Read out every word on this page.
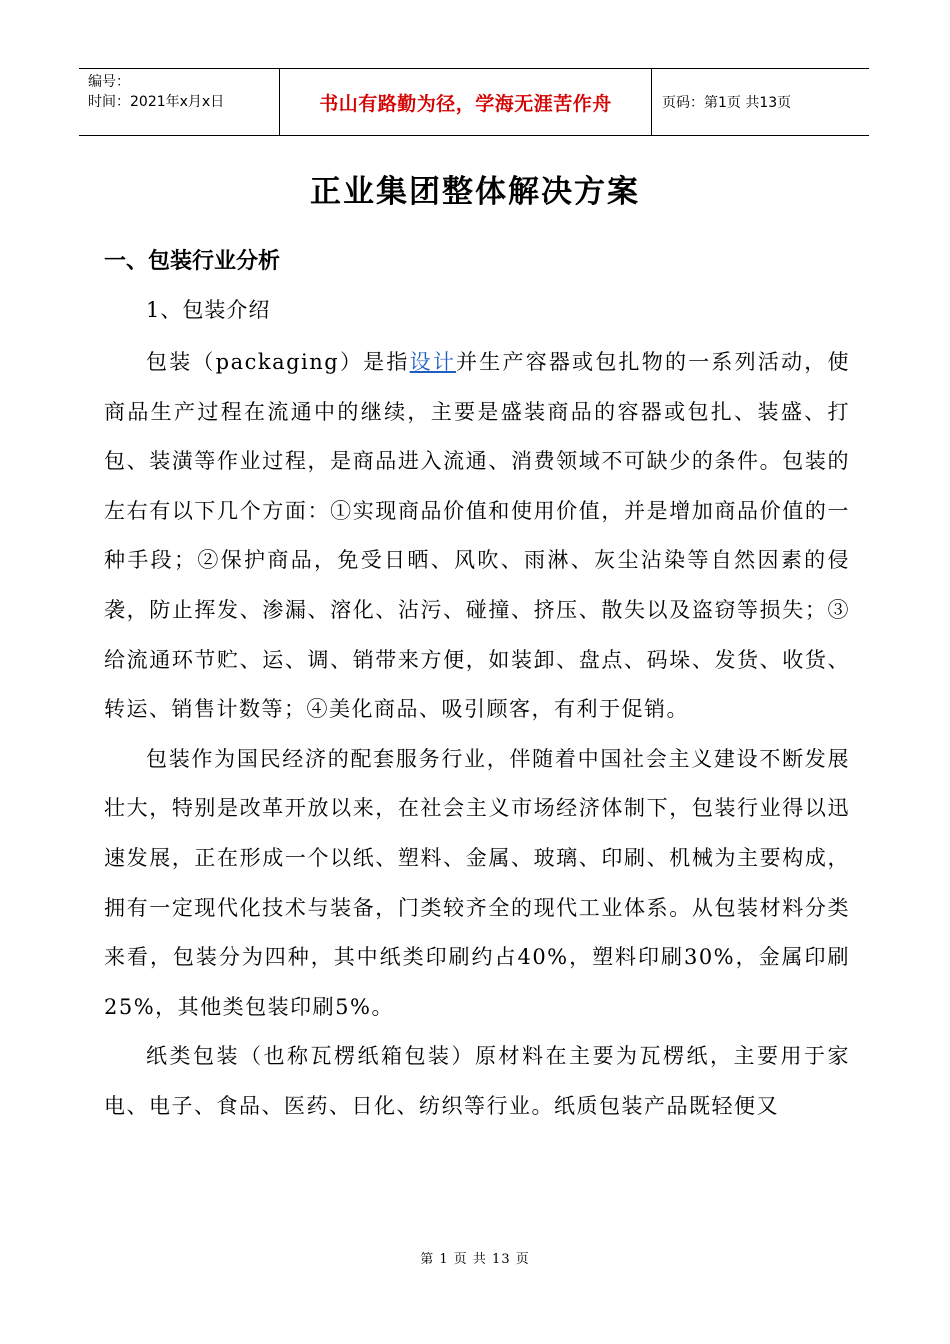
编号：
时间：2021年x月x日	书山有路勤为径，学海无涯苦作舟	页码：第1页 共13页
正业集团整体解决方案
一、包装行业分析
1、包装介绍

包装（packaging）是指设计并生产容器或包扎物的一系列活动，使商品生产过程在流通中的继续，主要是盛装商品的容器或包扎、装盛、打包、装潢等作业过程，是商品进入流通、消费领域不可缺少的条件。包装的左右有以下几个方面：①实现商品价值和使用价值，并是增加商品价值的一种手段；②保护商品，免受日晒、风吹、雨淋、灰尘沾染等自然因素的侵袭，防止挥发、渗漏、溶化、沾污、碰撞、挤压、散失以及盗窃等损失；③给流通环节贮、运、调、销带来方便，如装卸、盘点、码垛、发货、收货、转运、销售计数等；④美化商品、吸引顾客，有利于促销。

包装作为国民经济的配套服务行业，伴随着中国社会主义建设不断发展壮大，特别是改革开放以来，在社会主义市场经济体制下，包装行业得以迅速发展，正在形成一个以纸、塑料、金属、玻璃、印刷、机械为主要构成，拥有一定现代化技术与装备，门类较齐全的现代工业体系。从包装材料分类来看，包装分为四种，其中纸类印刷约占40%，塑料印刷30%，金属印刷25%，其他类包装印刷5%。

纸类包装（也称瓦楞纸箱包装）原材料在主要为瓦楞纸，主要用于家电、电子、食品、医药、日化、纺织等行业。纸质包装产品既轻便又

第 1 页 共 13 页
